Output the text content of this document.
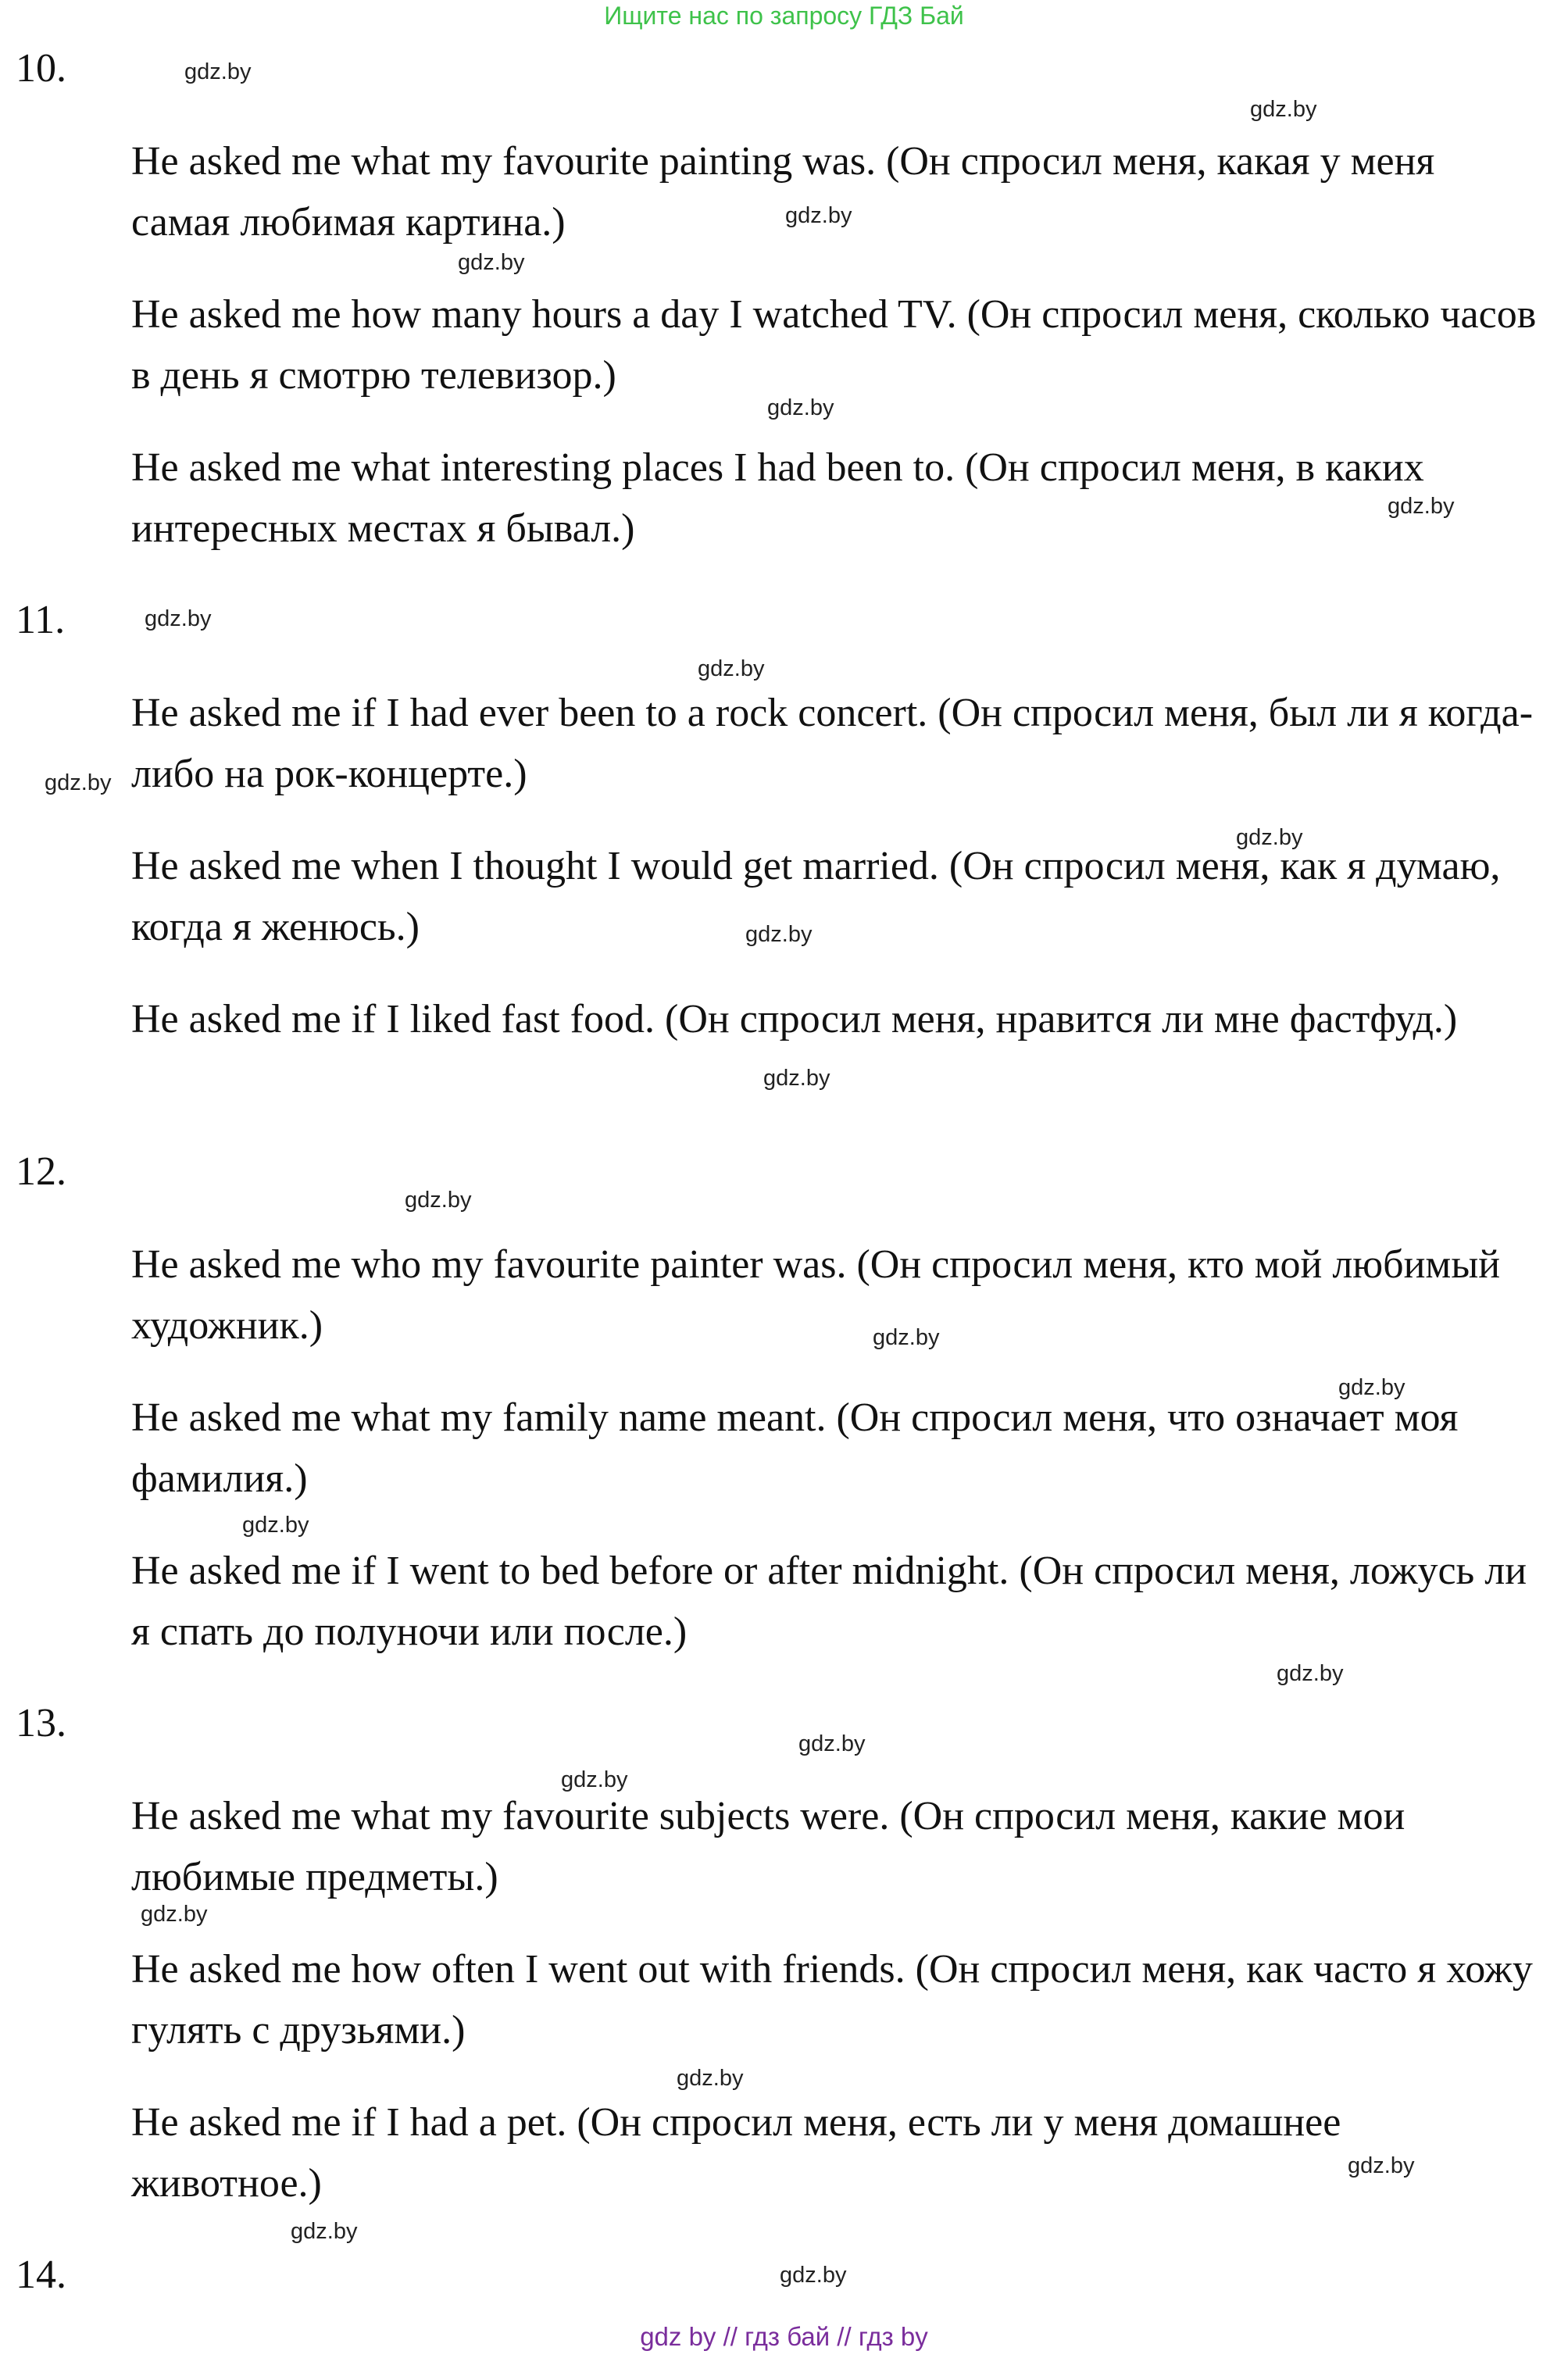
Ищите нас по запросу ГДЗ Бай
10.
He asked me what my favourite painting was. (Он спросил меня, какая у меня самая любимая картина.)
He asked me how many hours a day I watched TV. (Он спросил меня, сколько часов в день я смотрю телевизор.)
He asked me what interesting places I had been to. (Он спросил меня, в каких интересных местах я бывал.)
11.
He asked me if I had ever been to a rock concert. (Он спросил меня, был ли я когда-либо на рок-концерте.)
He asked me when I thought I would get married. (Он спросил меня, как я думаю, когда я женюсь.)
He asked me if I liked fast food. (Он спросил меня, нравится ли мне фастфуд.)
12.
He asked me who my favourite painter was. (Он спросил меня, кто мой любимый художник.)
He asked me what my family name meant. (Он спросил меня, что означает моя фамилия.)
He asked me if I went to bed before or after midnight. (Он спросил меня, ложусь ли я спать до полуночи или после.)
13.
He asked me what my favourite subjects were. (Он спросил меня, какие мои любимые предметы.)
He asked me how often I went out with friends. (Он спросил меня, как часто я хожу гулять с друзьями.)
He asked me if I had a pet. (Он спросил меня, есть ли у меня домашнее животное.)
14.
gdz.by
gdz.by
gdz.by
gdz.by
gdz.by
gdz.by
gdz.by
gdz.by
gdz.by
gdz.by
gdz.by
gdz.by
gdz.by
gdz.by
gdz.by
gdz.by
gdz.by
gdz.by
gdz.by
gdz.by
gdz.by
gdz.by
gdz.by
gdz.by
gdz by // гдз бай // гдз by
